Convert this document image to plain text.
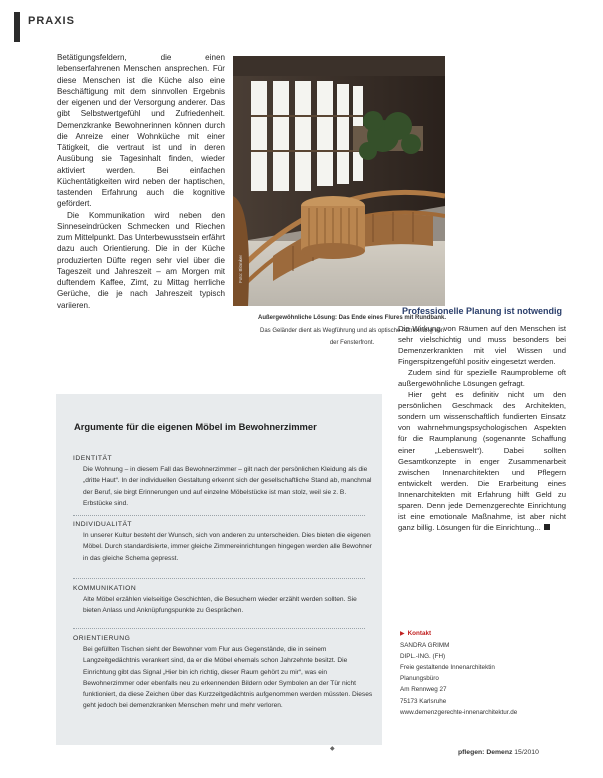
PRAXIS

Betätigungsfeldern, die einen lebenserfahrenen Menschen ansprechen. Für diese Menschen ist die Küche also eine Beschäftigung mit dem sinnvollen Ergebnis der eigenen und der Versorgung anderer. Das gibt Selbstwertgefühl und Zufriedenheit. Demenzkranke Bewohnerinnen können durch die Anreize einer Wohnküche mit einer Tätigkeit, die vertraut ist und in deren Ausübung sie Tagesinhalt finden, wieder aktiviert werden. Bei einfachen Küchentätigkeiten wird neben der haptischen, tastenden Erfahrung auch die kognitive gefördert.

Die Kommunikation wird neben den Sinneseindrücken Schmecken und Riechen zum Mittelpunkt. Das Unterbewusstsein erfährt dazu auch Orientierung. Die in der Küche produzierten Düfte regen sehr viel über die Tageszeit und Jahreszeit – am Morgen mit duftendem Kaffee, Zimt, zu Mittag herrliche Gerüche, die je nach Jahreszeit typisch variieren.

Foto: Blömker
Außergewöhnliche Lösung: Das Ende eines Flures mit Rundbank. Das Geländer dient als Wegführung und als optische Abtrennung von der Fensterfront.
Professionelle Planung ist notwendig

Die Wirkung von Räumen auf den Menschen ist sehr vielschichtig und muss besonders bei Demenzerkrankten mit viel Wissen und Fingerspitzengefühl positiv eingesetzt werden.

Zudem sind für spezielle Raumprobleme oft außergewöhnliche Lösungen gefragt.

Hier geht es definitiv nicht um den persönlichen Geschmack des Architekten, sondern um wissenschaftlich fundierten Einsatz von wahrnehmungspsychologischen Aspekten für die Raumplanung (sogenannte Schaffung einer „Lebenswelt“). Dabei sollten Gesamtkonzepte in enger Zusammenarbeit zwischen Innenarchitekten und Pflegern entwickelt werden. Die Erarbeitung eines Innenarchitekten mit Erfahrung hilft Geld zu sparen. Denn jede Demenzgerechte Einrichtung ist eine emotionale Maßnahme, ist aber nicht ganz billig. Lösungen für die Einrichtung...

▶ Kontakt
SANDRA GRIMM
DIPL.-ING. (FH)
Freie gestaltende Innenarchitektin
Planungsbüro
Am Rennweg 27
75173 Karlsruhe
www.demenzgerechte-innenarchitektur.de
Argumente für die eigenen Möbel im Bewohnerzimmer
IDENTITÄT

Die Wohnung – in diesem Fall das Bewohnerzimmer – gilt nach der persönlichen Kleidung als die „dritte Haut“. In der individuellen Gestaltung erkennt sich der gesellschaftliche Stand ab, manchmal der Beruf, sie birgt Erinnerungen und auf einzelne Möbelstücke ist man stolz, weil sie z. B. Erbstücke sind.

INDIVIDUALITÄT

In unserer Kultur besteht der Wunsch, sich von anderen zu unterscheiden. Dies bieten die eigenen Möbel. Durch standardisierte, immer gleiche Zimmereinrichtungen hingegen werden alle Bewohner in das gleiche Schema gepresst.

KOMMUNIKATION

Alte Möbel erzählen vielseitige Geschichten, die Besuchern wieder erzählt werden sollten. Sie bieten Anlass und Anknüpfungspunkte zu Gesprächen.

ORIENTIERUNG

Bei gefüllten Tischen sieht der Bewohner vom Flur aus Gegenstände, die in seinem Langzeitgedächtnis verankert sind, da er die Möbel ehemals schon Jahrzehnte besitzt. Die Einrichtung gibt das Signal „Hier bin ich richtig, dieser Raum gehört zu mir“, was ein Bewohnerzimmer oder ebenfalls neu zu erkennenden Bildern oder Symbolen an der Tür nicht funktioniert, da diese Zeichen über das Kurzzeitgedächtnis aufgenommen werden müssten. Dieses geht jedoch bei demenzkranken Menschen mehr und mehr verloren.

◆	pflegen: Demenz 15/2010
